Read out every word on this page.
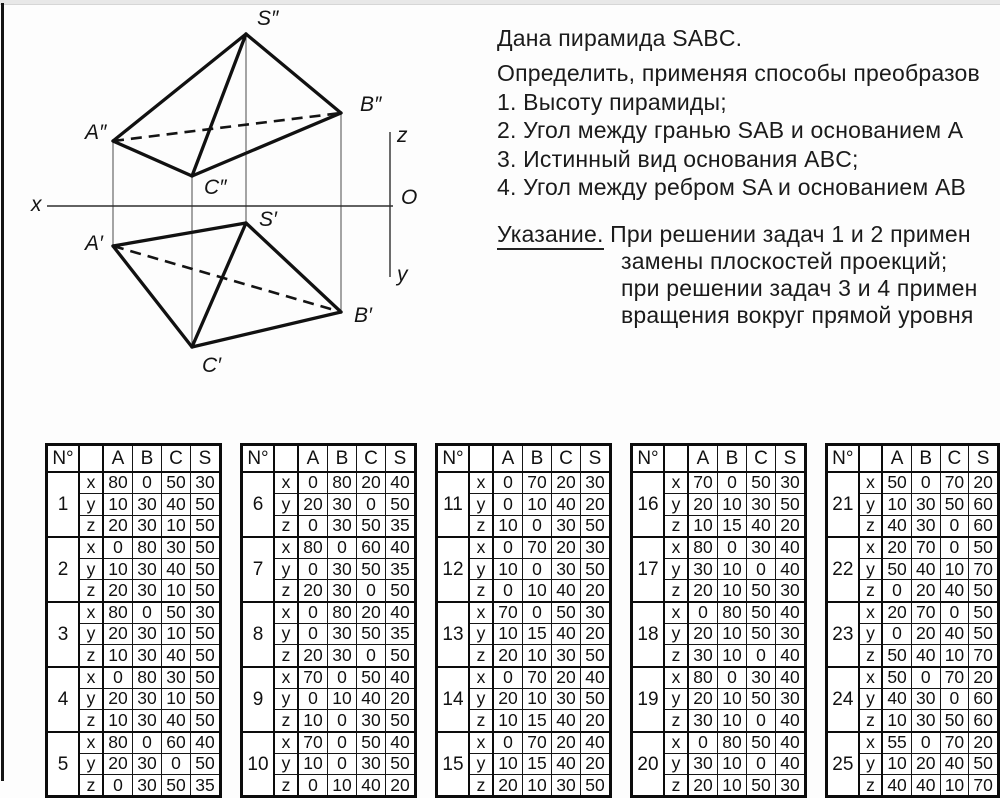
S″
B″
A″
C″
S′
A′
B′
C′
x
z
O
y
Дана пирамида SABC.
Определить, применяя способы преобразов
1. Высоту пирамиды;
2. Угол между гранью SAB и основанием А
3. Истинный вид основания ABC;
4. Угол между ребром SA и основанием АВ
Указание. При решении задач 1 и 2 примен
замены плоскостей проекций;
при решении задач 3 и 4 примен
вращения вокруг прямой уровня
N°		A	B	C	S
1	x	80	0	50	30
	y	10	30	40	50
	z	20	30	10	50
2	x	0	80	30	50
	y	10	30	40	50
	z	20	30	10	50
3	x	80	0	50	30
	y	20	30	10	50
	z	10	30	40	50
4	x	0	80	30	50
	y	20	30	10	50
	z	10	30	40	50
5	x	80	0	60	40
	y	20	30	0	50
	z	0	30	50	35
N°		A	B	C	S
6	x	0	80	20	40
	y	20	30	0	50
	z	0	30	50	35
7	x	80	0	60	40
	y	0	30	50	35
	z	20	30	0	50
8	x	0	80	20	40
	y	0	30	50	35
	z	20	30	0	50
9	x	70	0	50	40
	y	0	10	40	20
	z	10	0	30	50
10	x	70	0	50	40
	y	10	0	30	50
	z	0	10	40	20
N°		A	B	C	S
11	x	0	70	20	30
	y	0	10	40	20
	z	10	0	30	50
12	x	0	70	20	30
	y	10	0	30	50
	z	0	10	40	20
13	x	70	0	50	30
	y	10	15	40	20
	z	20	10	30	50
14	x	0	70	20	40
	y	20	10	30	50
	z	10	15	40	20
15	x	0	70	20	40
	y	10	15	40	20
	z	20	10	30	50
N°		A	B	C	S
16	x	70	0	50	30
	y	20	10	30	50
	z	10	15	40	20
17	x	80	0	30	40
	y	30	10	0	40
	z	20	10	50	30
18	x	0	80	50	40
	y	20	10	50	30
	z	30	10	0	40
19	x	80	0	30	40
	y	20	10	50	30
	z	30	10	0	40
20	x	0	80	50	40
	y	30	10	0	40
	z	20	10	50	30
N°		A	B	C	S
21	x	50	0	70	20
	y	10	30	50	60
	z	40	30	0	60
22	x	20	70	0	50
	y	50	40	10	70
	z	0	20	40	50
23	x	20	70	0	50
	y	0	20	40	50
	z	50	40	10	70
24	x	50	0	70	20
	y	40	30	0	60
	z	10	30	50	60
25	x	55	0	70	20
	y	10	20	40	50
	z	40	40	10	70
